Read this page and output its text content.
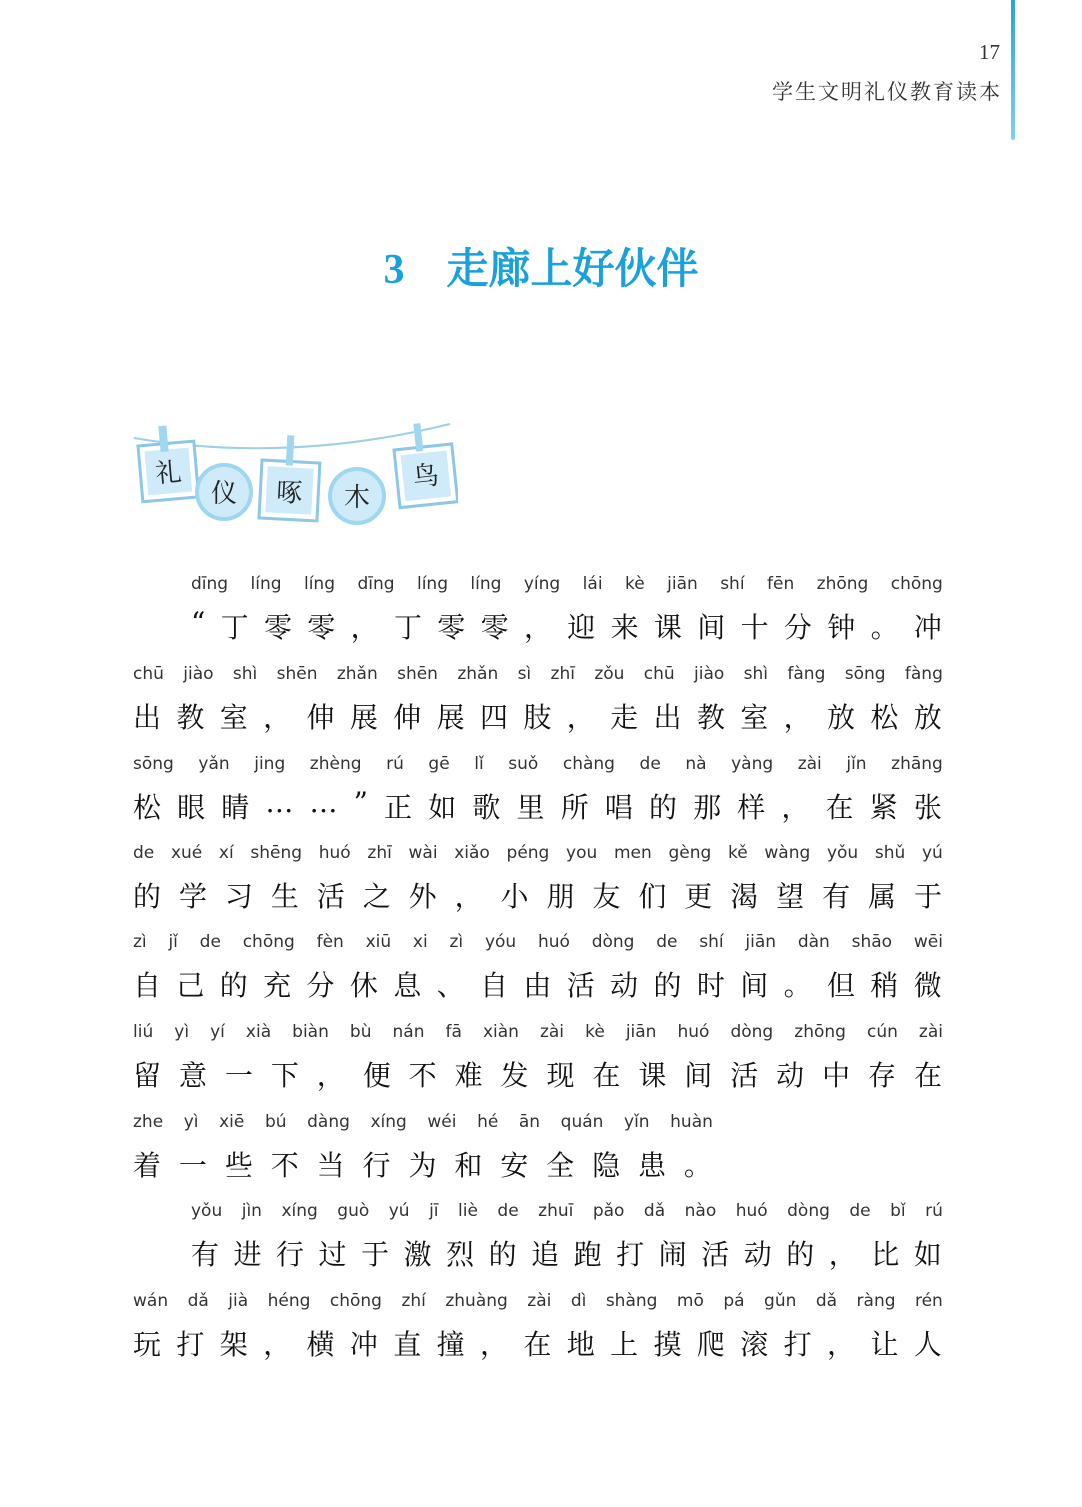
17
学生文明礼仪教育读本
3 走廊上好伙伴
礼
仪 啄 木
鸟
dīng líng líng dīng líng líng yíng lái kè jiān shí fēn zhōng chōng
“ 丁 零 零 ， 丁 零 零 ， 迎 来 课 间 十 分 钟 。 冲
chū jiào shì shēn zhǎn shēn zhǎn sì zhī zǒu chū jiào shì fàng sōng fàng
出 教 室 ， 伸 展 伸 展 四 肢 ， 走 出 教 室 ， 放 松 放
sōng yǎn jing zhèng rú gē lǐ suǒ chàng de nà yàng zài jǐn zhāng
松 眼 睛 … … ” 正 如 歌 里 所 唱 的 那 样 ， 在 紧 张
de xué xí shēng huó zhī wài xiǎo péng you men gèng kě wàng yǒu shǔ yú
的 学 习 生 活 之 外 ， 小 朋 友 们 更 渴 望 有 属 于
zì jǐ de chōng fèn xiū xi zì yóu huó dòng de shí jiān dàn shāo wēi
自 己 的 充 分 休 息 、 自 由 活 动 的 时 间 。 但 稍 微
liú yì yí xià biàn bù nán fā xiàn zài kè jiān huó dòng zhōng cún zài
留 意 一 下 ， 便 不 难 发 现 在 课 间 活 动 中 存 在
zhe yì xiē bú dàng xíng wéi hé ān quán yǐn huàn
着 一 些 不 当 行 为 和 安 全 隐 患 。
yǒu jìn xíng guò yú jī liè de zhuī pǎo dǎ nào huó dòng de bǐ rú
有 进 行 过 于 激 烈 的 追 跑 打 闹 活 动 的 ， 比 如
wán dǎ jià héng chōng zhí zhuàng zài dì shàng mō pá gǔn dǎ ràng rén
玩 打 架 ， 横 冲 直 撞 ， 在 地 上 摸 爬 滚 打 ， 让 人
